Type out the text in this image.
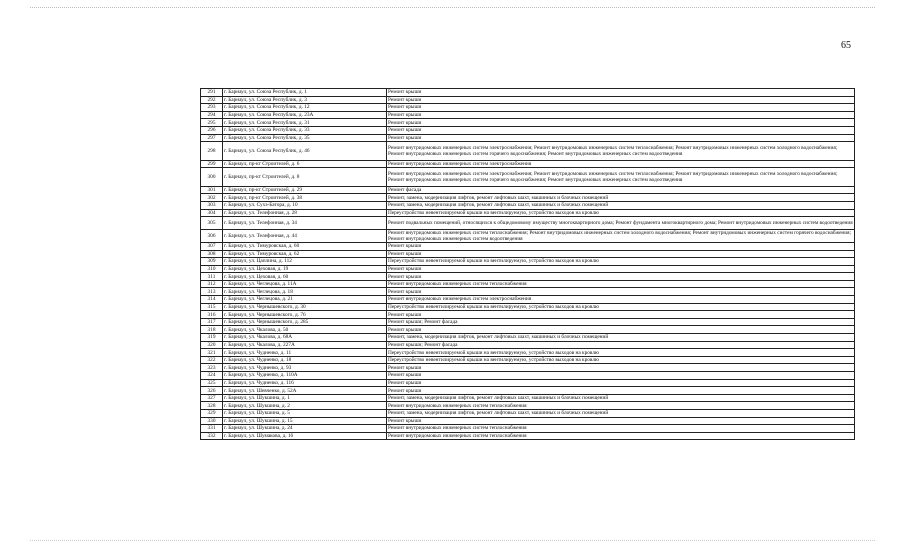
65
291	г. Барнаул, ул. Союза Республик, д. 1	Ремонт крыши
292	г. Барнаул, ул. Союза Республик, д. 3	Ремонт крыши
293	г. Барнаул, ул. Союза Республик, д. 12	Ремонт крыши
294	г. Барнаул, ул. Союза Республик, д. 23А	Ремонт крыши
295	г. Барнаул, ул. Союза Республик, д. 31	Ремонт крыши
296	г. Барнаул, ул. Союза Республик, д. 33	Ремонт крыши
297	г. Барнаул, ул. Союза Республик, д. 35	Ремонт крыши
298	г. Барнаул, ул. Союза Республик, д. 46	Ремонт внутридомовых инженерных систем электроснабжения; Ремонт внутридомовых инженерных систем теплоснабжения; Ремонт внутридомовых инженерных систем холодного водоснабжения; Ремонт внутридомовых инженерных систем горячего водоснабжения; Ремонт внутридомовых инженерных систем водоотведения
299	г. Барнаул, пр-кт Строителей, д. 6	Ремонт внутридомовых инженерных систем электроснабжения
300	г. Барнаул, пр-кт Строителей, д. 8	Ремонт внутридомовых инженерных систем электроснабжения; Ремонт внутридомовых инженерных систем теплоснабжения; Ремонт внутридомовых инженерных систем холодного водоснабжения; Ремонт внутридомовых инженерных систем горячего водоснабжения; Ремонт внутридомовых инженерных систем водоотведения
301	г. Барнаул, пр-кт Строителей, д. 29	Ремонт фасада
302	г. Барнаул, пр-кт Строителей, д. 38	Ремонт, замена, модернизация лифтов, ремонт лифтовых шахт, машинных и блочных помещений
303	г. Барнаул, ул. Сухэ-Батора, д. 10	Ремонт, замена, модернизация лифтов, ремонт лифтовых шахт, машинных и блочных помещений
304	г. Барнаул, ул. Телефонная, д. 28	Переустройство невентилируемой крыши на вентилируемую, устройство выходов на кровлю
305	г. Барнаул, ул. Телефонная, д. 34	Ремонт подвальных помещений, относящихся к общедомовому имуществу многоквартирного дома; Ремонт фундамента многоквартирного дома; Ремонт внутридомовых инженерных систем водоотведения
306	г. Барнаул, ул. Телефонная, д. 44	Ремонт внутридомовых инженерных систем теплоснабжения; Ремонт внутридомовых инженерных систем холодного водоснабжения; Ремонт внутридомовых инженерных систем горячего водоснабжения; Ремонт внутридомовых инженерных систем водоотведения
307	г. Барнаул, ул. Тимуровская, д. 60	Ремонт крыши
308	г. Барнаул, ул. Тимуровская, д. 62	Ремонт крыши
309	г. Барнаул, ул. Цаплина, д. 112	Переустройство невентилируемой крыши на вентилируемую, устройство выходов на кровлю
310	г. Барнаул, ул. Цеховая, д. 19	Ремонт крыши
311	г. Барнаул, ул. Цеховая, д. 60	Ремонт крыши
312	г. Барнаул, ул. Чеглецова, д. 11А	Ремонт внутридомовых инженерных систем теплоснабжения
313	г. Барнаул, ул. Чеглецова, д. 18	Ремонт крыши
314	г. Барнаул, ул. Чеглецова, д. 21	Ремонт внутридомовых инженерных систем электроснабжения
315	г. Барнаул, ул. Чернышевского, д. 30	Переустройство невентилируемой крыши на вентилируемую, устройство выходов на кровлю
316	г. Барнаул, ул. Чернышевского, д. 76	Ремонт крыши
317	г. Барнаул, ул. Чернышевского, д. 285	Ремонт крыши; Ремонт фасада
318	г. Барнаул, ул. Чкалова, д. 50	Ремонт крыши
319	г. Барнаул, ул. Чкалова, д. 68А	Ремонт, замена, модернизация лифтов, ремонт лифтовых шахт, машинных и блочных помещений
320	г. Барнаул, ул. Чкалова, д. 227А	Ремонт крыши; Ремонт фасада
321	г. Барнаул, ул. Чудненко, д. 11	Переустройство невентилируемой крыши на вентилируемую, устройство выходов на кровлю
322	г. Барнаул, ул. Чудненко, д. 18	Переустройство невентилируемой крыши на вентилируемую, устройство выходов на кровлю
323	г. Барнаул, ул. Чудненко, д. 93	Ремонт крыши
324	г. Барнаул, ул. Чудненко, д. 110А	Ремонт крыши
325	г. Барнаул, ул. Чудненко, д. 116	Ремонт крыши
326	г. Барнаул, ул. Шевченко, д. 52А	Ремонт крыши
327	г. Барнаул, ул. Шукшина, д. 1	Ремонт, замена, модернизация лифтов, ремонт лифтовых шахт, машинных и блочных помещений
328	г. Барнаул, ул. Шукшина, д. 2	Ремонт внутридомовых инженерных систем теплоснабжения
329	г. Барнаул, ул. Шукшина, д. 5	Ремонт, замена, модернизация лифтов, ремонт лифтовых шахт, машинных и блочных помещений
330	г. Барнаул, ул. Шукшина, д. 15	Ремонт крыши
331	г. Барнаул, ул. Шукшина, д. 24	Ремонт внутридомовых инженерных систем теплоснабжения
332	г. Барнаул, ул. Шумакова, д. 16	Ремонт внутридомовых инженерных систем теплоснабжения
